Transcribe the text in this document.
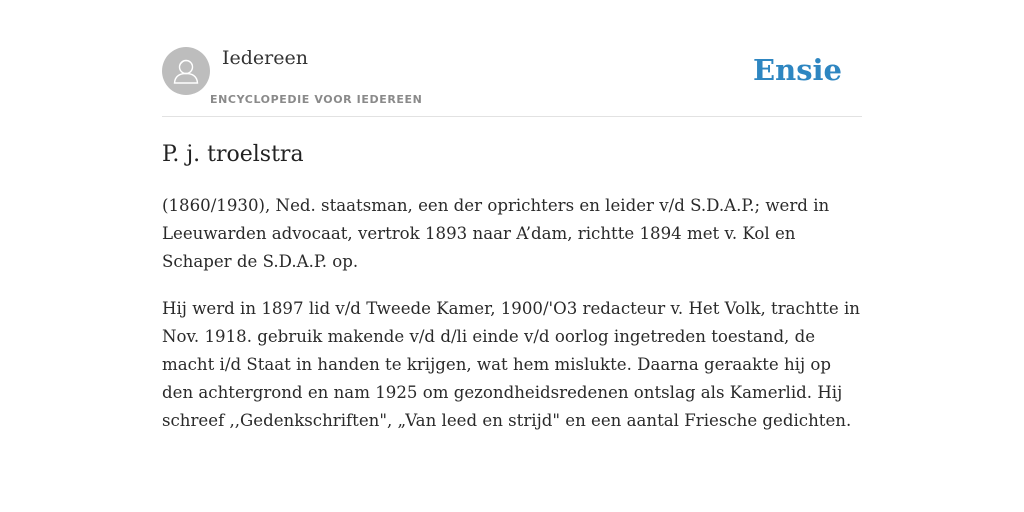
Iedereen
ENCYCLOPEDIE VOOR IEDEREEN
Ensie
P. j. troelstra

(1860/1930), Ned. staatsman, een der oprichters en leider v/d S.D.A.P.; werd in Leeuwarden advocaat, vertrok 1893 naar A’dam, richtte 1894 met v. Kol en Schaper de S.D.A.P. op.

Hij werd in 1897 lid v/d Tweede Kamer, 1900/'O3 redacteur v. Het Volk, trachtte in Nov. 1918. gebruik makende v/d d/li einde v/d oorlog ingetreden toestand, de macht i/d Staat in handen te krijgen, wat hem mislukte. Daarna geraakte hij op den achtergrond en nam 1925 om gezondheidsredenen ontslag als Kamerlid. Hij schreef ,,Gedenkschriften", „Van leed en strijd" en een aantal Friesche gedichten.
